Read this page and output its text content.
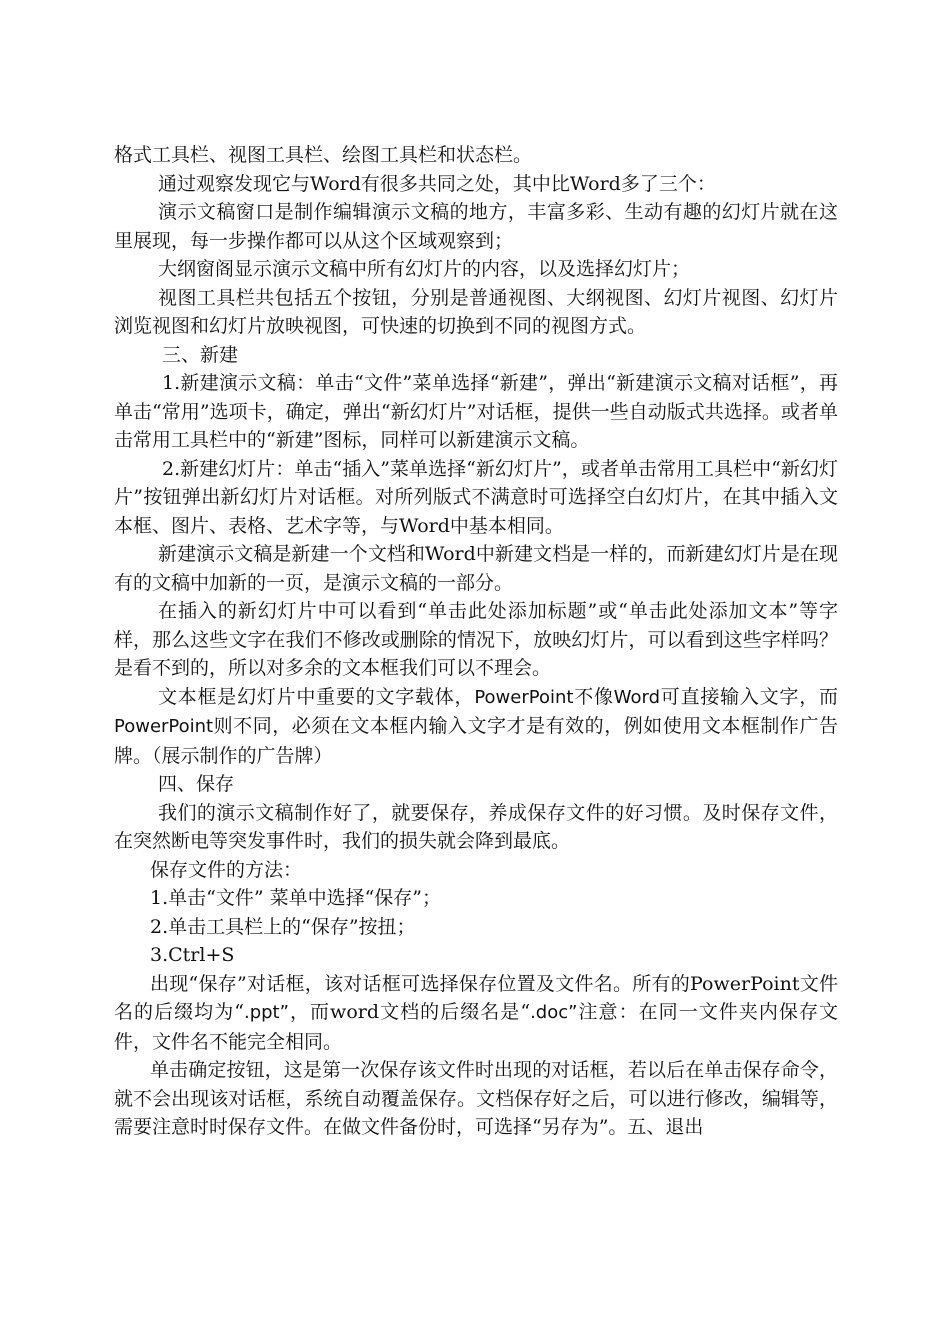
格式工具栏、视图工具栏、绘图工具栏和状态栏。

通过观察发现它与Word有很多共同之处，其中比Word多了三个：

演示文稿窗口是制作编辑演示文稿的地方，丰富多彩、生动有趣的幻灯片就在这里展现，每一步操作都可以从这个区域观察到；

大纲窗阁显示演示文稿中所有幻灯片的内容，以及选择幻灯片；

视图工具栏共包括五个按钮，分别是普通视图、大纲视图、幻灯片视图、幻灯片浏览视图和幻灯片放映视图，可快速的切换到不同的视图方式。

三、新建

1.新建演示文稿：单击“文件”菜单选择“新建”，弹出“新建演示文稿对话框”，再单击“常用”选项卡，确定，弹出“新幻灯片”对话框，提供一些自动版式共选择。或者单击常用工具栏中的“新建”图标，同样可以新建演示文稿。

2.新建幻灯片：单击“插入”菜单选择“新幻灯片”，或者单击常用工具栏中“新幻灯片”按钮弹出新幻灯片对话框。对所列版式不满意时可选择空白幻灯片，在其中插入文本框、图片、表格、艺术字等，与Word中基本相同。

新建演示文稿是新建一个文档和Word中新建文档是一样的，而新建幻灯片是在现有的文稿中加新的一页，是演示文稿的一部分。

在插入的新幻灯片中可以看到“单击此处添加标题”或“单击此处添加文本”等字样，那么这些文字在我们不修改或删除的情况下，放映幻灯片，可以看到这些字样吗？是看不到的，所以对多余的文本框我们可以不理会。

文本框是幻灯片中重要的文字载体，PowerPoint不像Word可直接输入文字，而PowerPoint则不同，必须在文本框内输入文字才是有效的，例如使用文本框制作广告牌。（展示制作的广告牌）

四、保存

我们的演示文稿制作好了，就要保存，养成保存文件的好习惯。及时保存文件，在突然断电等突发事件时，我们的损失就会降到最底。

保存文件的方法：

1.单击“文件” 菜单中选择“保存”；

2.单击工具栏上的“保存”按扭；

3.Ctrl+S

出现“保存”对话框，该对话框可选择保存位置及文件名。所有的PowerPoint文件名的后缀均为“.ppt”，而word文档的后缀名是“.doc”注意：在同一文件夹内保存文件，文件名不能完全相同。

单击确定按钮，这是第一次保存该文件时出现的对话框，若以后在单击保存命令，就不会出现该对话框，系统自动覆盖保存。文档保存好之后，可以进行修改，编辑等，需要注意时时保存文件。在做文件备份时，可选择“另存为”。五、退出
